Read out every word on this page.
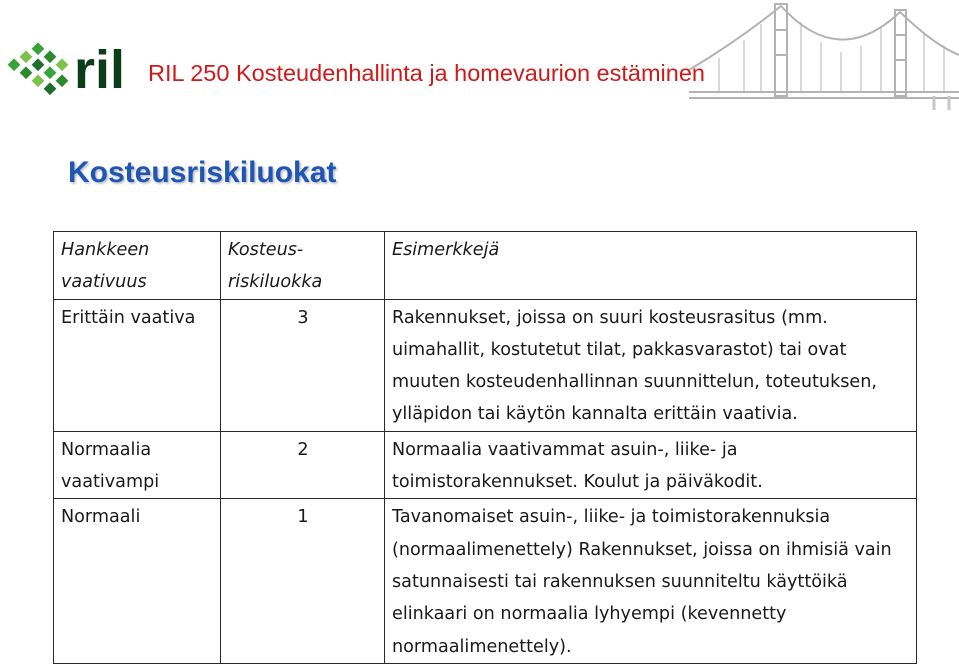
ril RIL 250 Kosteudenhallinta ja homevaurion estäminen
Kosteusriskiluokat
Hankkeen vaativuus	Kosteus-riskiluokka	Esimerkkejä
Erittäin vaativa	3	Rakennukset, joissa on suuri kosteusrasitus (mm. uimahallit, kostutetut tilat, pakkasvarastot) tai ovat muuten kosteudenhallinnan suunnittelun, toteutuksen, ylläpidon tai käytön kannalta erittäin vaativia.
Normaalia vaativampi	2	Normaalia vaativammat asuin-, liike- ja toimistorakennukset. Koulut ja päiväkodit.
Normaali	1	Tavanomaiset asuin-, liike- ja toimistorakennuksia (normaalimenettely) Rakennukset, joissa on ihmisiä vain satunnaisesti tai rakennuksen suunniteltu käyttöikä elinkaari on normaalia lyhyempi (kevennetty normaalimenettely).
